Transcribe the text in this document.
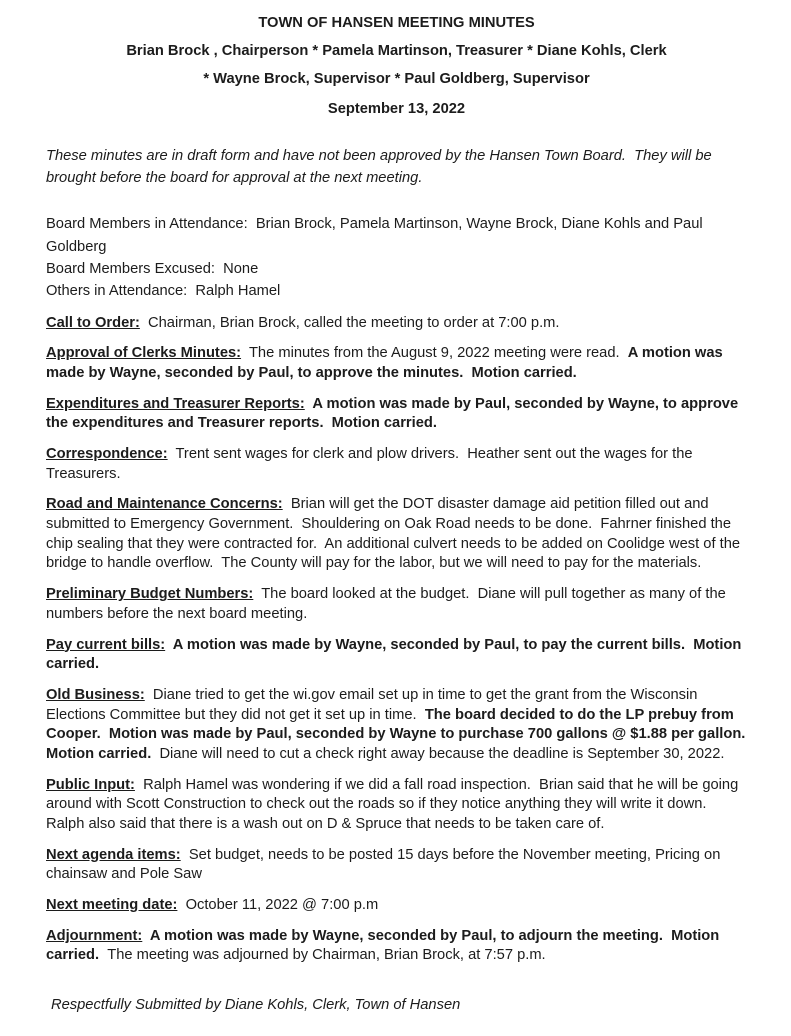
TOWN OF HANSEN MEETING MINUTES

Brian Brock , Chairperson * Pamela Martinson, Treasurer * Diane Kohls, Clerk

* Wayne Brock, Supervisor * Paul Goldberg, Supervisor

September 13, 2022

These minutes are in draft form and have not been approved by the Hansen Town Board.  They will be brought before the board for approval at the next meeting.

Board Members in Attendance:  Brian Brock, Pamela Martinson, Wayne Brock, Diane Kohls and Paul Goldberg

Board Members Excused:  None

Others in Attendance:  Ralph Hamel

Call to Order:  Chairman, Brian Brock, called the meeting to order at 7:00 p.m.

Approval of Clerks Minutes:  The minutes from the August 9, 2022 meeting were read.  A motion was made by Wayne, seconded by Paul, to approve the minutes.  Motion carried.

Expenditures and Treasurer Reports:  A motion was made by Paul, seconded by Wayne, to approve the expenditures and Treasurer reports.  Motion carried.

Correspondence:  Trent sent wages for clerk and plow drivers.  Heather sent out the wages for the Treasurers.

Road and Maintenance Concerns:  Brian will get the DOT disaster damage aid petition filled out and submitted to Emergency Government.  Shouldering on Oak Road needs to be done.  Fahrner finished the chip sealing that they were contracted for.  An additional culvert needs to be added on Coolidge west of the bridge to handle overflow.  The County will pay for the labor, but we will need to pay for the materials.

Preliminary Budget Numbers:  The board looked at the budget.  Diane will pull together as many of the numbers before the next board meeting.

Pay current bills:  A motion was made by Wayne, seconded by Paul, to pay the current bills.  Motion carried.

Old Business:  Diane tried to get the wi.gov email set up in time to get the grant from the Wisconsin Elections Committee but they did not get it set up in time.  The board decided to do the LP prebuy from Cooper.  Motion was made by Paul, seconded by Wayne to purchase 700 gallons @ $1.88 per gallon.  Motion carried.  Diane will need to cut a check right away because the deadline is September 30, 2022.

Public Input:  Ralph Hamel was wondering if we did a fall road inspection.  Brian said that he will be going around with Scott Construction to check out the roads so if they notice anything they will write it down.  Ralph also said that there is a wash out on D & Spruce that needs to be taken care of.

Next agenda items:  Set budget, needs to be posted 15 days before the November meeting, Pricing on chainsaw and Pole Saw

Next meeting date:  October 11, 2022 @ 7:00 p.m

Adjournment:  A motion was made by Wayne, seconded by Paul, to adjourn the meeting.  Motion carried.  The meeting was adjourned by Chairman, Brian Brock, at 7:57 p.m.

Respectfully Submitted by Diane Kohls, Clerk, Town of Hansen
